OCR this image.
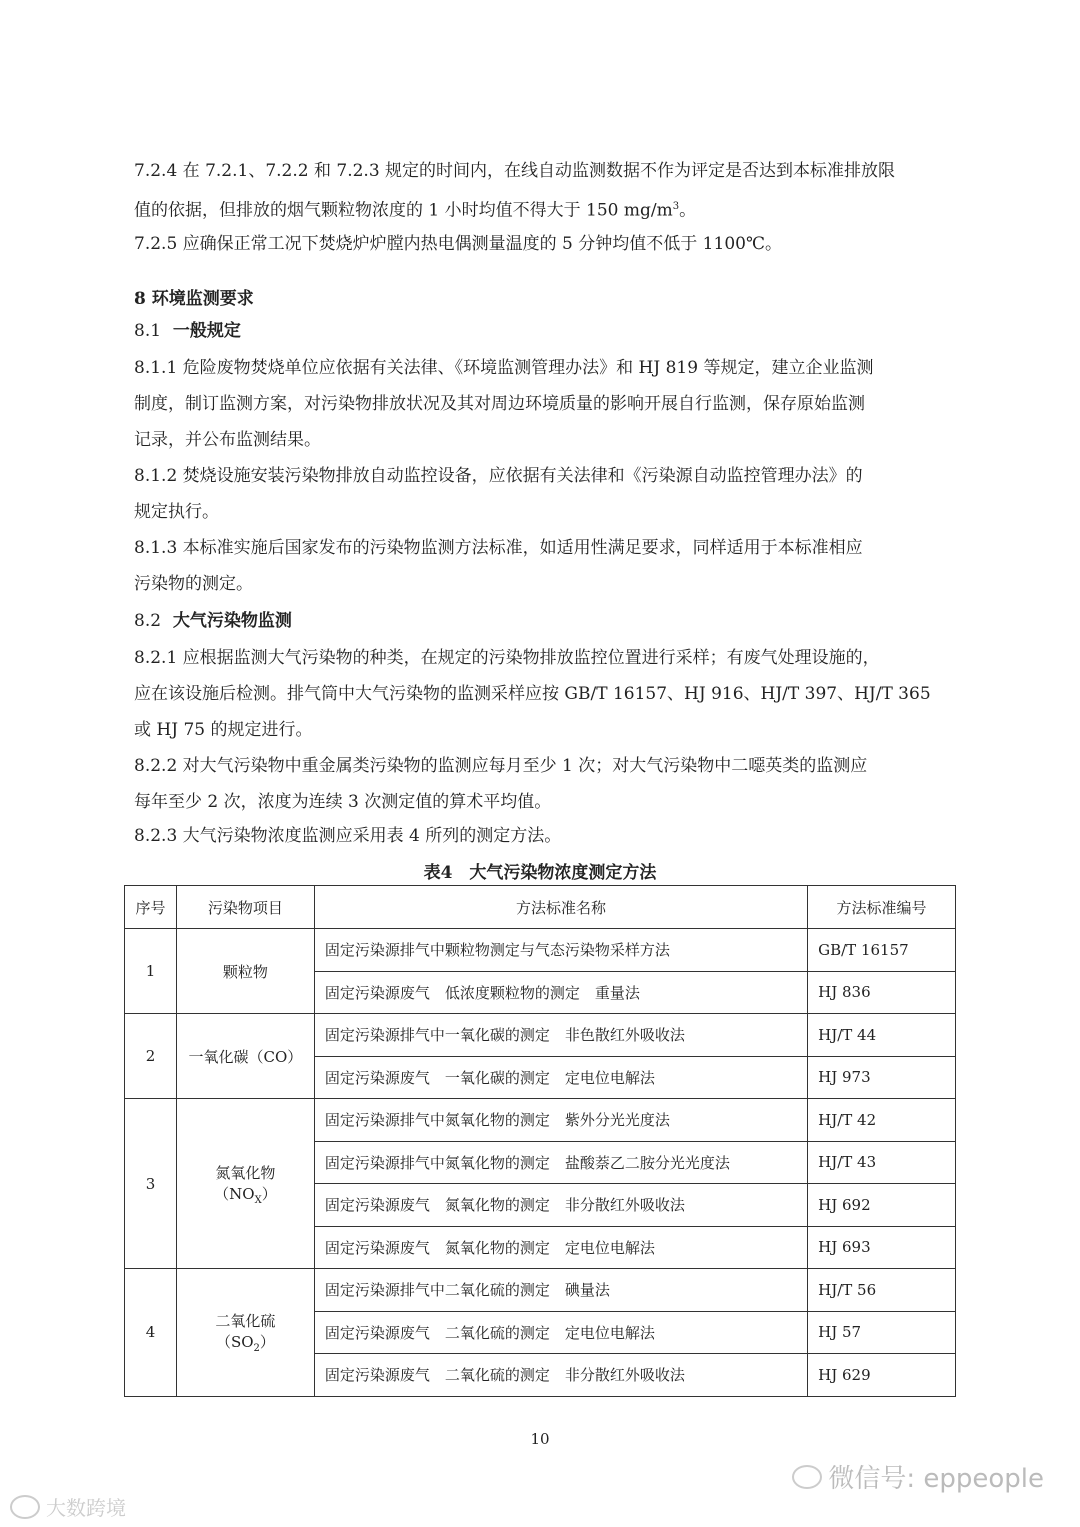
7.2.4 在 7.2.1、7.2.2 和 7.2.3 规定的时间内，在线自动监测数据不作为评定是否达到本标准排放限
值的依据，但排放的烟气颗粒物浓度的 1 小时均值不得大于 150 $mg/m^3$。

7.2.5 应确保正常工况下焚烧炉炉膛内热电偶测量温度的 5 分钟均值不低于 1100℃。

8 环境监测要求

8.1 一般规定

8.1.1 危险废物焚烧单位应依据有关法律、《环境监测管理办法》和 HJ 819 等规定，建立企业监测
制度，制订监测方案，对污染物排放状况及其对周边环境质量的影响开展自行监测，保存原始监测
记录，并公布监测结果。

8.1.2 焚烧设施安装污染物排放自动监控设备，应依据有关法律和《污染源自动监控管理办法》的
规定执行。

8.1.3 本标准实施后国家发布的污染物监测方法标准，如适用性满足要求，同样适用于本标准相应
污染物的测定。

8.2 大气污染物监测

8.2.1 应根据监测大气污染物的种类，在规定的污染物排放监控位置进行采样；有废气处理设施的，
应在该设施后检测。排气筒中大气污染物的监测采样应按 GB/T 16157、HJ 916、HJ/T 397、HJ/T 365
或 HJ 75 的规定进行。

8.2.2 对大气污染物中重金属类污染物的监测应每月至少 1 次；对大气污染物中二噁英类的监测应
每年至少 2 次，浓度为连续 3 次测定值的算术平均值。

8.2.3 大气污染物浓度监测应采用表 4 所列的测定方法。

表4　大气污染物浓度测定方法
序号	污染物项目	方法标准名称	方法标准编号
1	颗粒物	固定污染源排气中颗粒物测定与气态污染物采样方法	GB/T 16157
		固定污染源废气　低浓度颗粒物的测定　重量法	HJ 836
2	一氧化碳（CO）	固定污染源排气中一氧化碳的测定　非色散红外吸收法	HJ/T 44
		固定污染源废气　一氧化碳的测定　定电位电解法	HJ 973
3	氮氧化物$(NO_X)$	固定污染源排气中氮氧化物的测定　紫外分光光度法	HJ/T 42
		固定污染源排气中氮氧化物的测定　盐酸萘乙二胺分光光度法	HJ/T 43
		固定污染源废气　氮氧化物的测定　非分散红外吸收法	HJ 692
		固定污染源废气　氮氧化物的测定　定电位电解法	HJ 693
4	二氧化硫$(SO_2)$	固定污染源排气中二氧化硫的测定　碘量法	HJ/T 56
		固定污染源废气　二氧化硫的测定　定电位电解法	HJ 57
		固定污染源废气　二氧化硫的测定　非分散红外吸收法	HJ 629
10
大数跨境
微信号: eppeople
